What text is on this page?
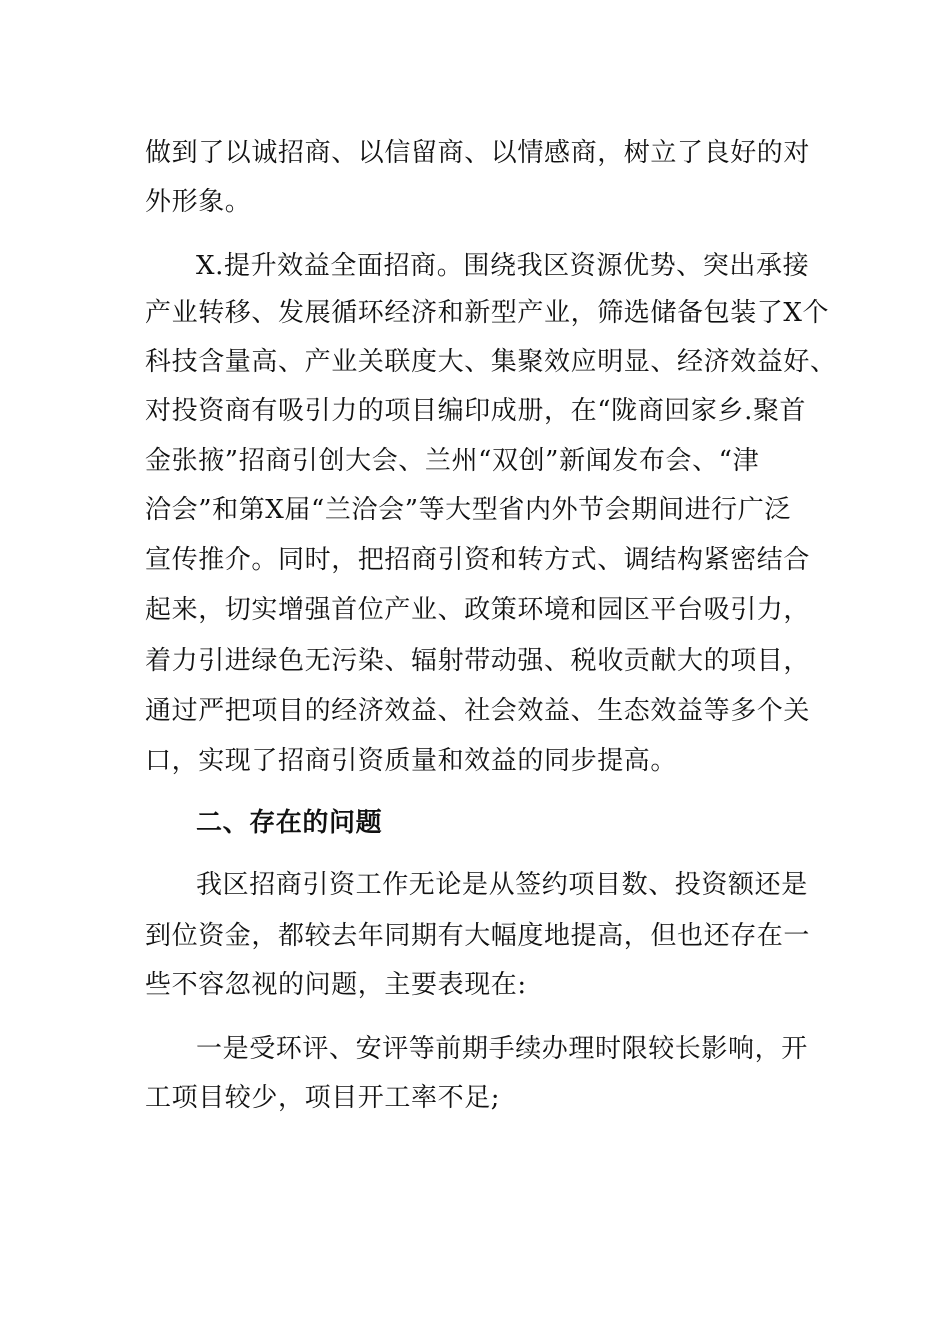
做到了以诚招商、以信留商、以情感商，树立了良好的对
外形象。
X.提升效益全面招商。围绕我区资源优势、突出承接
产业转移、发展循环经济和新型产业，筛选储备包装了X个
科技含量高、产业关联度大、集聚效应明显、经济效益好、
对投资商有吸引力的项目编印成册，在“陇商回家乡.聚首
金张掖”招商引创大会、兰州“双创”新闻发布会、“津
洽会”和第X届“兰洽会”等大型省内外节会期间进行广泛
宣传推介。同时，把招商引资和转方式、调结构紧密结合
起来，切实增强首位产业、政策环境和园区平台吸引力，
着力引进绿色无污染、辐射带动强、税收贡献大的项目，
通过严把项目的经济效益、社会效益、生态效益等多个关
口，实现了招商引资质量和效益的同步提高。
二、存在的问题
我区招商引资工作无论是从签约项目数、投资额还是
到位资金，都较去年同期有大幅度地提高，但也还存在一
些不容忽视的问题，主要表现在:
一是受环评、安评等前期手续办理时限较长影响，开
工项目较少，项目开工率不足;
